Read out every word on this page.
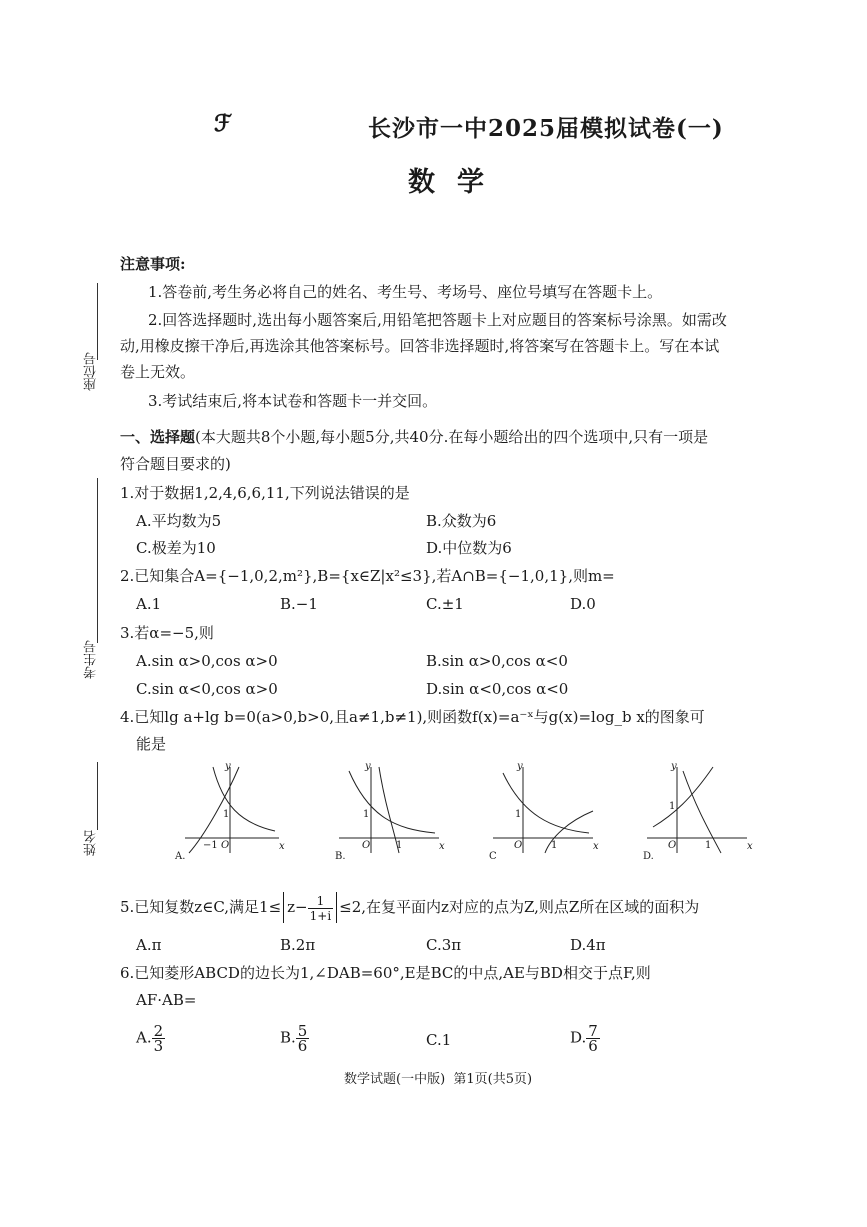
ℱ	长沙市一中2025届模拟试卷(一)
数学
座位号
考生号
姓名
注意事项:
1.答卷前,考生务必将自己的姓名、考生号、考场号、座位号填写在答题卡上。
2.回答选择题时,选出每小题答案后,用铅笔把答题卡上对应题目的答案标号涂黑。如需改
动,用橡皮擦干净后,再选涂其他答案标号。回答非选择题时,将答案写在答题卡上。写在本试
卷上无效。
3.考试结束后,将本试卷和答题卡一并交回。
一、选择题(本大题共8个小题,每小题5分,共40分.在每小题给出的四个选项中,只有一项是
符合题目要求的)
1.对于数据1,2,4,6,6,11,下列说法错误的是
A.平均数为5	B.众数为6
C.极差为10	D.中位数为6
2.已知集合A={−1,0,2,m²},B={x∈Z|x²≤3},若A∩B={−1,0,1},则m=
A.1	B.−1	C.±1	D.0
3.若α=−5,则
A.sin α>0,cos α>0	B.sin α>0,cos α<0
C.sin α<0,cos α>0	D.sin α<0,cos α<0
4.已知lg a+lg b=0(a>0,b>0,且a≠1,b≠1),则函数f(x)=a⁻ˣ与g(x)=log_b x的图象可
能是
A.
y
x
O
−1
1
B.
y
x
O
1
1
C
y
x
O
1
1
D.
y
x
O
1
1
5.已知复数z∈C,满足$1\le z- \frac{1}{1+i} \le 2$,在复平面内z对应的点为Z,则点Z所在区域的面积为
A.π	B.2π	C.3π	D.4π
6.已知菱形ABCD的边长为1,∠DAB=60°,E是BC的中点,AE与BD相交于点F,则
AF·AB=
A. $\frac{2}{3}$	B. $\frac{5}{6}$	C.1	D. $\frac{7}{6}$
数学试题(一中版)  第1页(共5页)
